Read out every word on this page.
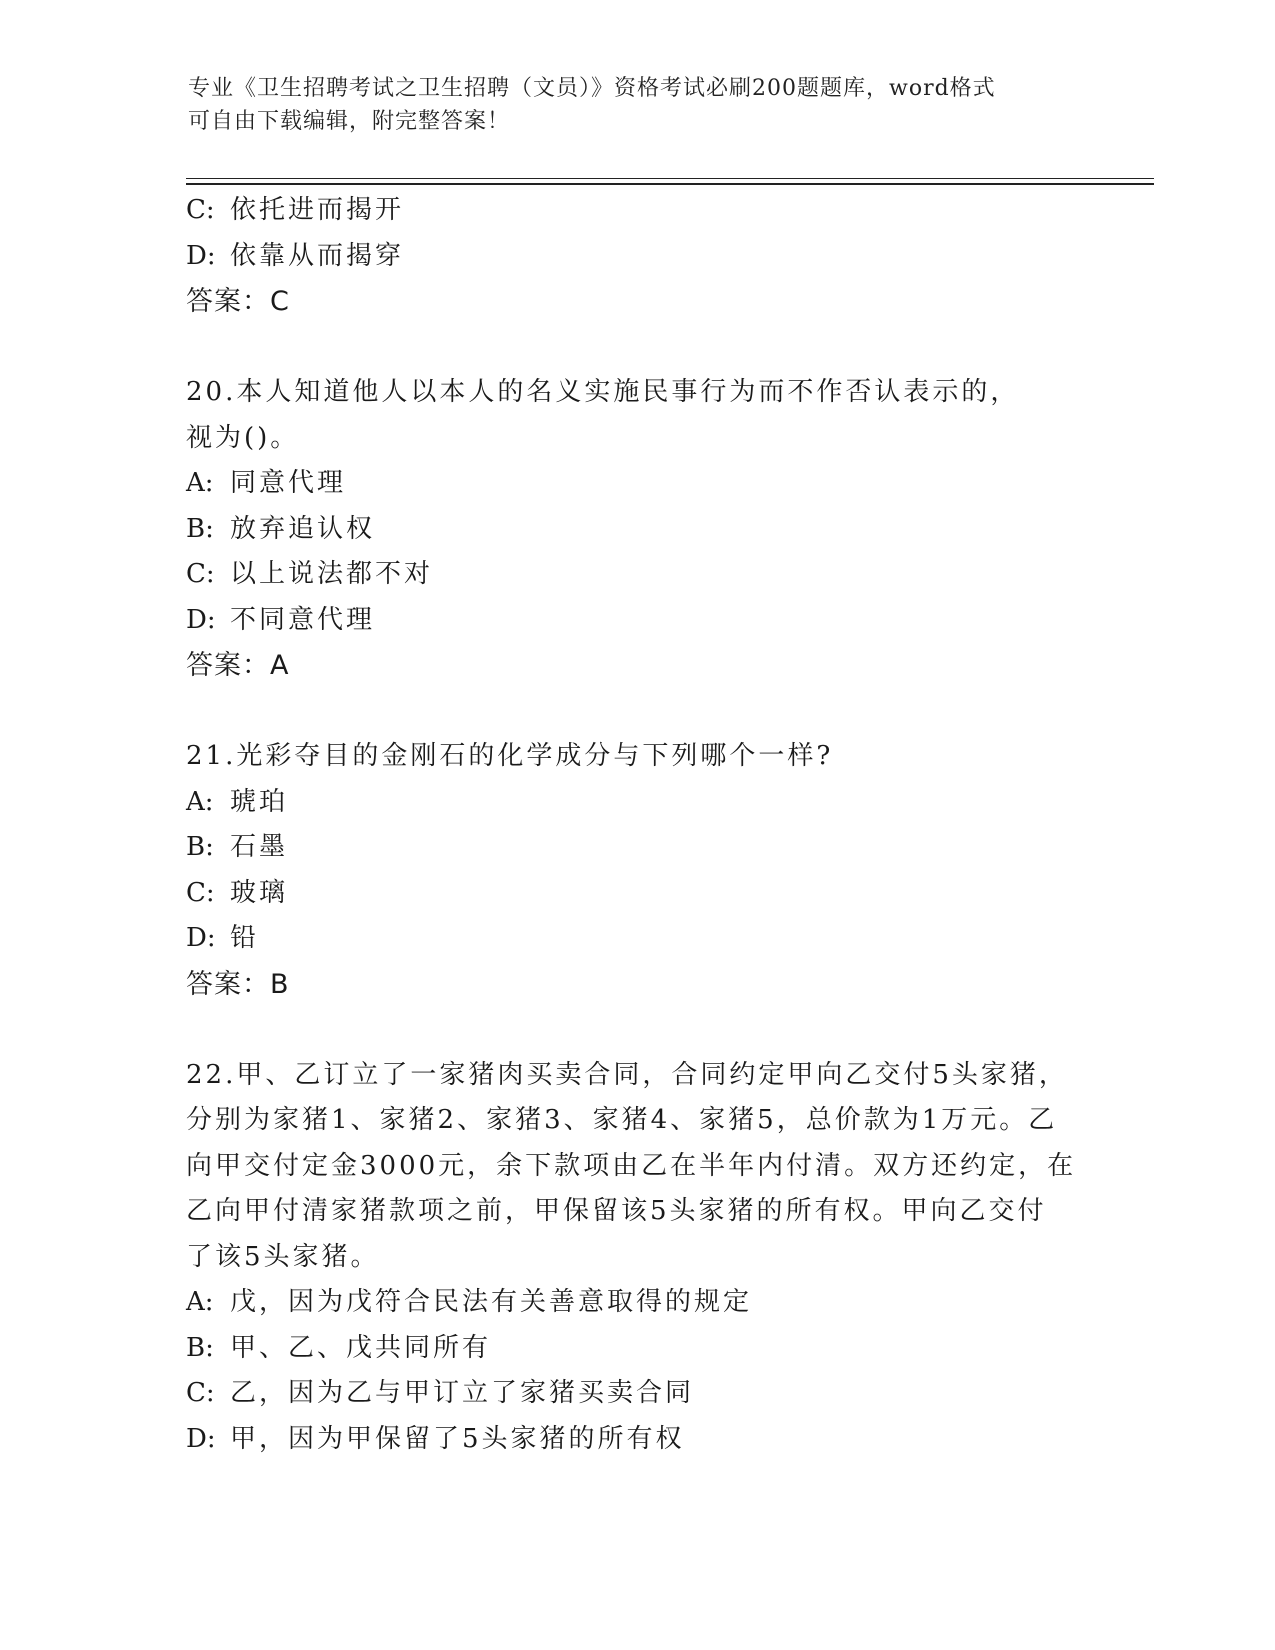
专业《卫生招聘考试之卫生招聘（文员）》资格考试必刷200题题库，word格式
可自由下载编辑，附完整答案！
C: 依托进而揭开
D: 依靠从而揭穿
答案：C
20.本人知道他人以本人的名义实施民事行为而不作否认表示的，视为()。
A: 同意代理
B: 放弃追认权
C: 以上说法都不对
D: 不同意代理
答案：A
21.光彩夺目的金刚石的化学成分与下列哪个一样?
A: 琥珀
B: 石墨
C: 玻璃
D: 铅
答案：B
22.甲、乙订立了一家猪肉买卖合同，合同约定甲向乙交付5头家猪，
分别为家猪1、家猪2、家猪3、家猪4、家猪5，总价款为1万元。乙
向甲交付定金3000元，余下款项由乙在半年内付清。双方还约定，在
乙向甲付清家猪款项之前，甲保留该5头家猪的所有权。甲向乙交付
了该5头家猪。
A: 戊，因为戊符合民法有关善意取得的规定
B: 甲、乙、戊共同所有
C: 乙，因为乙与甲订立了家猪买卖合同
D: 甲，因为甲保留了5头家猪的所有权
